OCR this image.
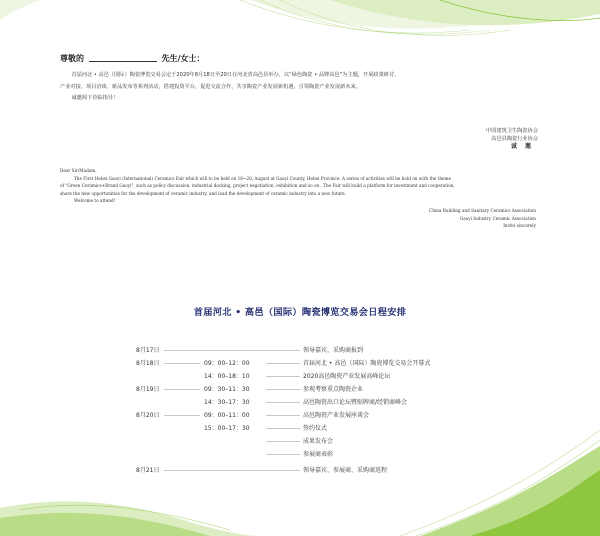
尊敬的	先生/女士：

首届河北 • 高邑（国际）陶瓷博览交易会定于2020年8月18日至20日在河北省高邑县举办，以“绿色陶瓷 • 品牌高邑”为主题，开展政策研讨、

产业对接、项目洽谈、新品发布等系列活动，搭建投资平台，促进交流合作，共享陶瓷产业发展新机遇，引领陶瓷产业发展新未来。

诚邀阁下莅临指导！

中国建筑卫生陶瓷协会
高邑县陶瓷行业协会
诚 邀

Dear Sir/Madam，

The First Hebei Gaoyi (International) Ceramics Fair which will to be held on 18~20, August at Gaoyi County, Hebei Province. A series of activities will be hold on with the theme

of "Green Ceramics+Brand Gaoyi", such as policy discussion, industrial docking, project negotiation, exhibition and so on . The Fair will build a platform for investment and cooperation,

share the new opportunities for the development of ceramic industry, and lead the development of ceramic industry into a new future.

Welcome to attend!

China Building and Sanitary Ceramics Association
Gaoyi Industry Ceramic Association
Invite sincerely
首届河北 • 高邑（国际）陶瓷博览交易会日程安排
8月17日	领导嘉宾、采购商报到
8月18日	09：00–12：00	首届河北 • 高邑（国际）陶瓷博览交易会开幕式
14：00–18：10	2020高邑陶瓷产业发展高峰论坛
8月19日	09：30–11：30	参观考察重点陶瓷企业
14：30–17：30	高邑陶瓷出口论坛暨贴牌商/经销商峰会
8月20日	09：00–11：00	高邑陶瓷产业发展座谈会
15：00–17：30	签约仪式
成果发布会
参展商表彰
8月21日	领导嘉宾、参展商、采购商返程
